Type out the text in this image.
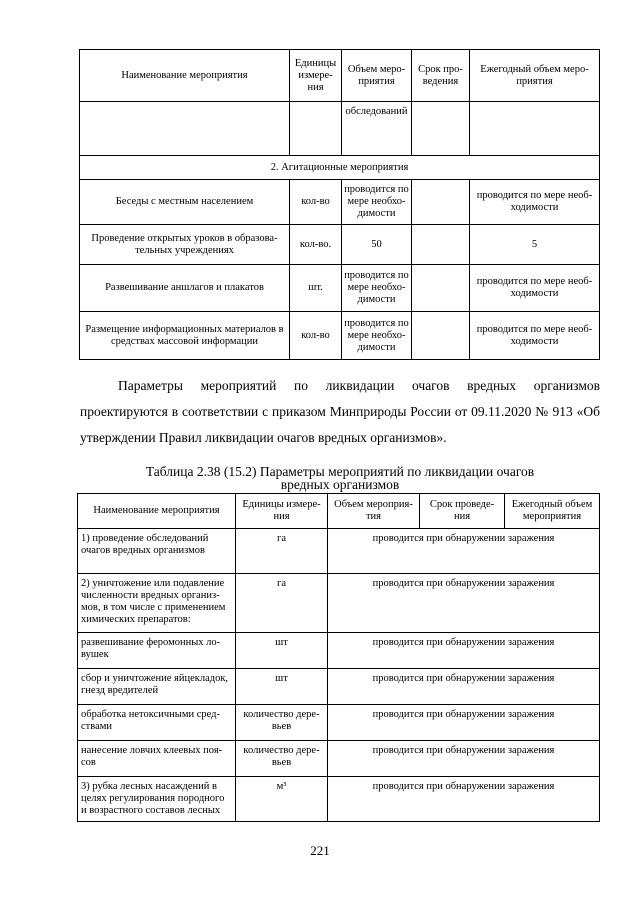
Наименование мероприятия	Единицы измере-ния	Объем меро-приятия	Срок про-ведения	Ежегодный объем меро-приятия
		обследований		
2. Агитационные мероприятия				
Беседы с местным населением	кол-во	проводится по мере необхо-димости		проводится по мере необ-ходимости
Проведение открытых уроков в образова-тельных учреждениях	кол-во.	50		5
Развешивание аншлагов и плакатов	шт.	проводится по мере необхо-димости		проводится по мере необ-ходимости
Размещение информационных материалов в средствах массовой информации	кол-во	проводится по мере необхо-димости		проводится по мере необ-ходимости
Параметры мероприятий по ликвидации очагов вредных организмов проектируются в соответствии с приказом Минприроды России от 09.11.2020 № 913 «Об утверждении Правил ликвидации очагов вредных организмов».
Таблица 2.38 (15.2) Параметры мероприятий по ликвидации очагов
вредных организмов
Наименование мероприятия	Единицы измере-ния	Объем мероприя-тия	Срок проведе-ния	Ежегодный объем мероприятия
1) проведение обследований очагов вредных организмов	га	проводится при обнаружении заражения		
2) уничтожение или подавление численности вредных организ-мов, в том числе с применением химических препаратов:	га	проводится при обнаружении заражения		
развешивание феромонных ло-вушек	шт	проводится при обнаружении заражения		
сбор и уничтожение яйцекладок, гнезд вредителей	шт	проводится при обнаружении заражения		
обработка нетоксичными сред-ствами	количество дере-вьев	проводится при обнаружении заражения		
нанесение ловчих клеевых поя-сов	количество дере-вьев	проводится при обнаружении заражения		
3) рубка лесных насаждений в целях регулирования породного и возрастного составов лесных	м³	проводится при обнаружении заражения		
221
